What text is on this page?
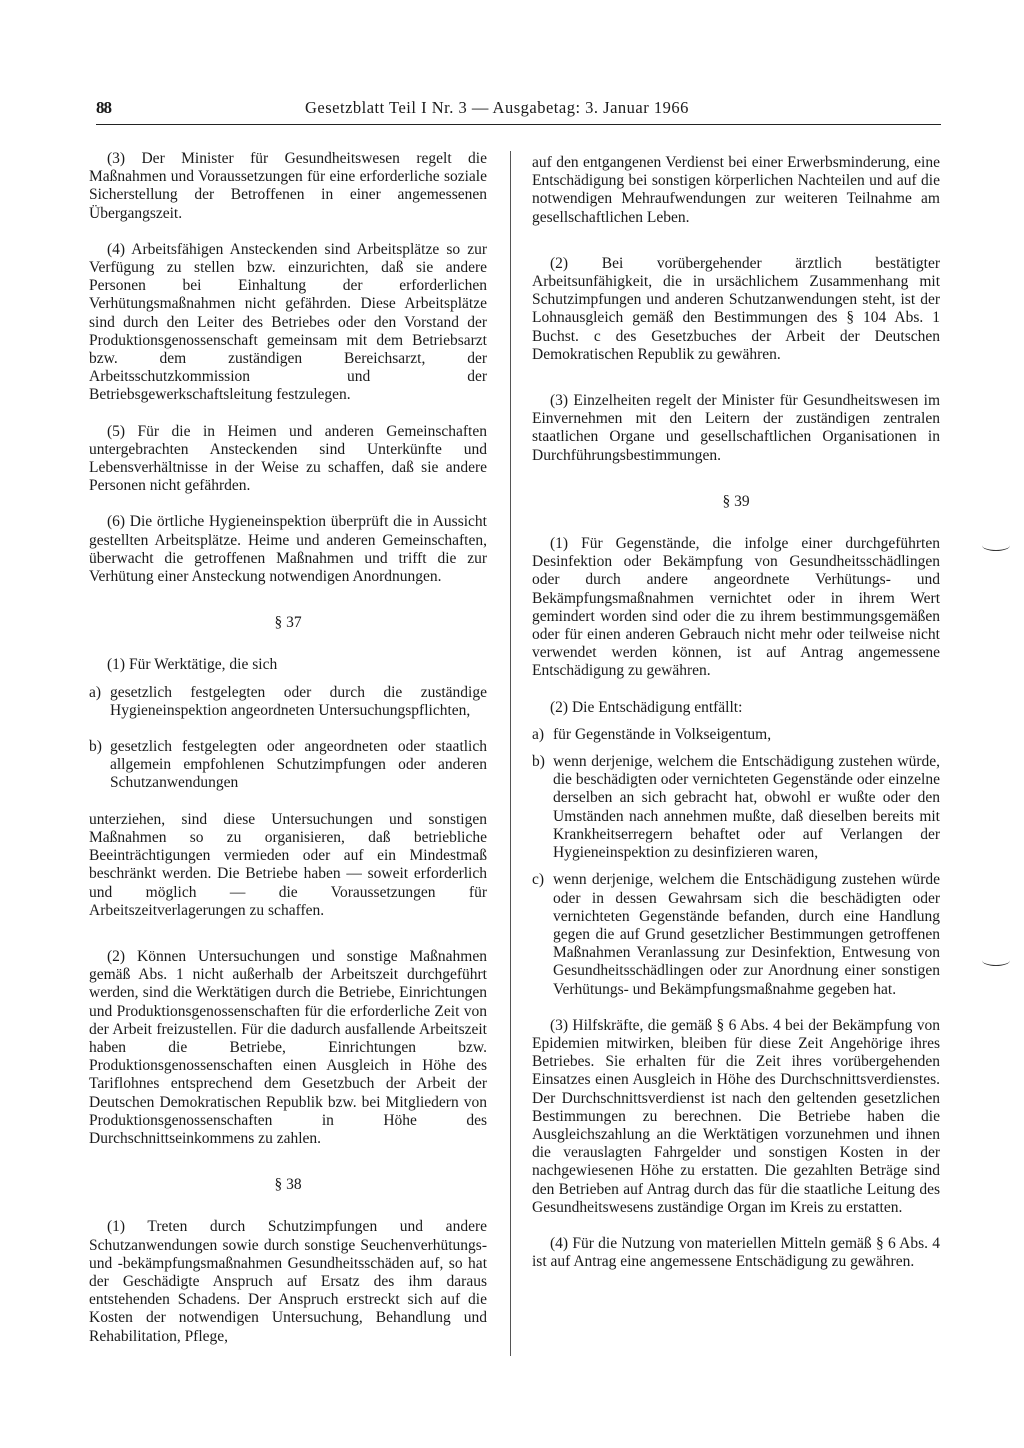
88	Gesetzblatt Teil I Nr. 3 — Ausgabetag: 3. Januar 1966

(3) Der Minister für Gesundheitswesen regelt die Maßnahmen und Voraussetzungen für eine erforderliche soziale Sicherstellung der Betroffenen in einer angemessenen Übergangszeit.

(4) Arbeitsfähigen Ansteckenden sind Arbeitsplätze so zur Verfügung zu stellen bzw. einzurichten, daß sie andere Personen bei Einhaltung der erforderlichen Verhütungsmaßnahmen nicht gefährden. Diese Arbeitsplätze sind durch den Leiter des Betriebes oder den Vorstand der Produktionsgenossenschaft gemeinsam mit dem Betriebsarzt bzw. dem zuständigen Bereichsarzt, der Arbeitsschutzkommission und der Betriebsgewerkschaftsleitung festzulegen.

(5) Für die in Heimen und anderen Gemeinschaften untergebrachten Ansteckenden sind Unterkünfte und Lebensverhältnisse in der Weise zu schaffen, daß sie andere Personen nicht gefährden.

(6) Die örtliche Hygieneinspektion überprüft die in Aussicht gestellten Arbeitsplätze. Heime und anderen Gemeinschaften, überwacht die getroffenen Maßnahmen und trifft die zur Verhütung einer Ansteckung notwendigen Anordnungen.

§ 37

(1) Für Werktätige, die sich

a) gesetzlich festgelegten oder durch die zuständige Hygieneinspektion angeordneten Untersuchungspflichten,
b) gesetzlich festgelegten oder angeordneten oder staatlich allgemein empfohlenen Schutzimpfungen oder anderen Schutzanwendungen

unterziehen, sind diese Untersuchungen und sonstigen Maßnahmen so zu organisieren, daß betriebliche Beeinträchtigungen vermieden oder auf ein Mindestmaß beschränkt werden. Die Betriebe haben — soweit erforderlich und möglich — die Voraussetzungen für Arbeitszeitverlagerungen zu schaffen.

(2) Können Untersuchungen und sonstige Maßnahmen gemäß Abs. 1 nicht außerhalb der Arbeitszeit durchgeführt werden, sind die Werktätigen durch die Betriebe, Einrichtungen und Produktionsgenossenschaften für die erforderliche Zeit von der Arbeit freizustellen. Für die dadurch ausfallende Arbeitszeit haben die Betriebe, Einrichtungen bzw. Produktionsgenossenschaften einen Ausgleich in Höhe des Tariflohnes entsprechend dem Gesetzbuch der Arbeit der Deutschen Demokratischen Republik bzw. bei Mitgliedern von Produktionsgenossenschaften in Höhe des Durchschnittseinkommens zu zahlen.

§ 38

(1) Treten durch Schutzimpfungen und andere Schutzanwendungen sowie durch sonstige Seuchenverhütungs- und -bekämpfungsmaßnahmen Gesundheitsschäden auf, so hat der Geschädigte Anspruch auf Ersatz des ihm daraus entstehenden Schadens. Der Anspruch erstreckt sich auf die Kosten der notwendigen Untersuchung, Behandlung und Rehabilitation, Pflege,

auf den entgangenen Verdienst bei einer Erwerbsminderung, eine Entschädigung bei sonstigen körperlichen Nachteilen und auf die notwendigen Mehraufwendungen zur weiteren Teilnahme am gesellschaftlichen Leben.

(2) Bei vorübergehender ärztlich bestätigter Arbeitsunfähigkeit, die in ursächlichem Zusammenhang mit Schutzimpfungen und anderen Schutzanwendungen steht, ist der Lohnausgleich gemäß den Bestimmungen des § 104 Abs. 1 Buchst. c des Gesetzbuches der Arbeit der Deutschen Demokratischen Republik zu gewähren.

(3) Einzelheiten regelt der Minister für Gesundheitswesen im Einvernehmen mit den Leitern der zuständigen zentralen staatlichen Organe und gesellschaftlichen Organisationen in Durchführungsbestimmungen.

§ 39

(1) Für Gegenstände, die infolge einer durchgeführten Desinfektion oder Bekämpfung von Gesundheitsschädlingen oder durch andere angeordnete Verhütungs- und Bekämpfungsmaßnahmen vernichtet oder in ihrem Wert gemindert worden sind oder die zu ihrem bestimmungsgemäßen oder für einen anderen Gebrauch nicht mehr oder teilweise nicht verwendet werden können, ist auf Antrag angemessene Entschädigung zu gewähren.

(2) Die Entschädigung entfällt:

a) für Gegenstände in Volkseigentum,
b) wenn derjenige, welchem die Entschädigung zustehen würde, die beschädigten oder vernichteten Gegenstände oder einzelne derselben an sich gebracht hat, obwohl er wußte oder den Umständen nach annehmen mußte, daß dieselben bereits mit Krankheitserregern behaftet oder auf Verlangen der Hygieneinspektion zu desinfizieren waren,
c) wenn derjenige, welchem die Entschädigung zustehen würde oder in dessen Gewahrsam sich die beschädigten oder vernichteten Gegenstände befanden, durch eine Handlung gegen die auf Grund gesetzlicher Bestimmungen getroffenen Maßnahmen Veranlassung zur Desinfektion, Entwesung von Gesundheitsschädlingen oder zur Anordnung einer sonstigen Verhütungs- und Bekämpfungsmaßnahme gegeben hat.

(3) Hilfskräfte, die gemäß § 6 Abs. 4 bei der Bekämpfung von Epidemien mitwirken, bleiben für diese Zeit Angehörige ihres Betriebes. Sie erhalten für die Zeit ihres vorübergehenden Einsatzes einen Ausgleich in Höhe des Durchschnittsverdienstes. Der Durchschnittsverdienst ist nach den geltenden gesetzlichen Bestimmungen zu berechnen. Die Betriebe haben die Ausgleichszahlung an die Werktätigen vorzunehmen und ihnen die verauslagten Fahrgelder und sonstigen Kosten in der nachgewiesenen Höhe zu erstatten. Die gezahlten Beträge sind den Betrieben auf Antrag durch das für die staatliche Leitung des Gesundheitswesens zuständige Organ im Kreis zu erstatten.

(4) Für die Nutzung von materiellen Mitteln gemäß § 6 Abs. 4 ist auf Antrag eine angemessene Entschädigung zu gewähren.
